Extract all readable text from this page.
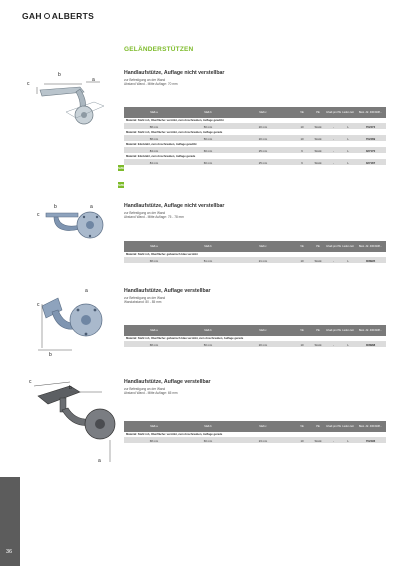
GAH ALBERTS
GELÄNDERSTÜTZEN
b
a
c
Handlaufstütze, Auflage nicht verstellbar
zur Befestigung an der Wand
Abstand Wand - Mitte Auflage: 70 mm
Maß a	Maß b	Maß c	VE	PE	Inhalt pro PE Liefer-zeit	Best.-Nr. 4004338...
Material: Stahl roh, Oberfläche: verzinkt, zum Anschrauben, Auflage gewölbt
58 mm	50 mm	20 mm	10	Stück	-	L	702472
Material: Stahl roh, Oberfläche: verzinkt, zum Anschrauben, Auflage gerade
58 mm	50 mm	20 mm	10	Stück	-	L	702489
Material: Edelstahl, zum Anschrauben, Auflage gewölbt
84 mm	60 mm	25 mm	6	Stück	-	L	327170
Material: Edelstahl, zum Anschrauben, Auflage gerade
84 mm	60 mm	25 mm	6	Stück	-	L	327187
NHW
NHW
b	a
c
Handlaufstütze, Auflage nicht verstellbar
zur Befestigung an der Wand
Abstand Wand - Mitte Auflage: 75 - 78 mm
Maß a	Maß b	Maß c	VE	PE	Inhalt pro PE Liefer-zeit	Best.-Nr. 4004338...
Material: Stahl roh, Oberfläche: galvanisch blau verzinkt
68 mm	51 mm	21 mm	10	Stück	-	L	308995
a
c
b
Handlaufstütze, Auflage verstellbar
zur Befestigung an der Wand
Wandabstand: 80 - 85 mm
Maß a	Maß b	Maß c	VE	PE	Inhalt pro PE Liefer-zeit	Best.-Nr. 4004338...
Material: Stahl roh, Oberfläche: galvanisch blau verzinkt, zum Anschrauben, Auflage gerade
68 mm	50 mm	20 mm	10	Stück	-	L	308988
c
b
a
Handlaufstütze, Auflage verstellbar
zur Befestigung an der Wand
Abstand Wand - Mitte Auflage: 65 mm
Maß a	Maß b	Maß c	VE	PE	Inhalt pro PE Liefer-zeit	Best.-Nr. 4004338...
Material: Stahl roh, Oberfläche: verzinkt, zum Anschrauben, Auflage gerade
68 mm	60 mm	23 mm	10	Stück	-	L	702496
36
